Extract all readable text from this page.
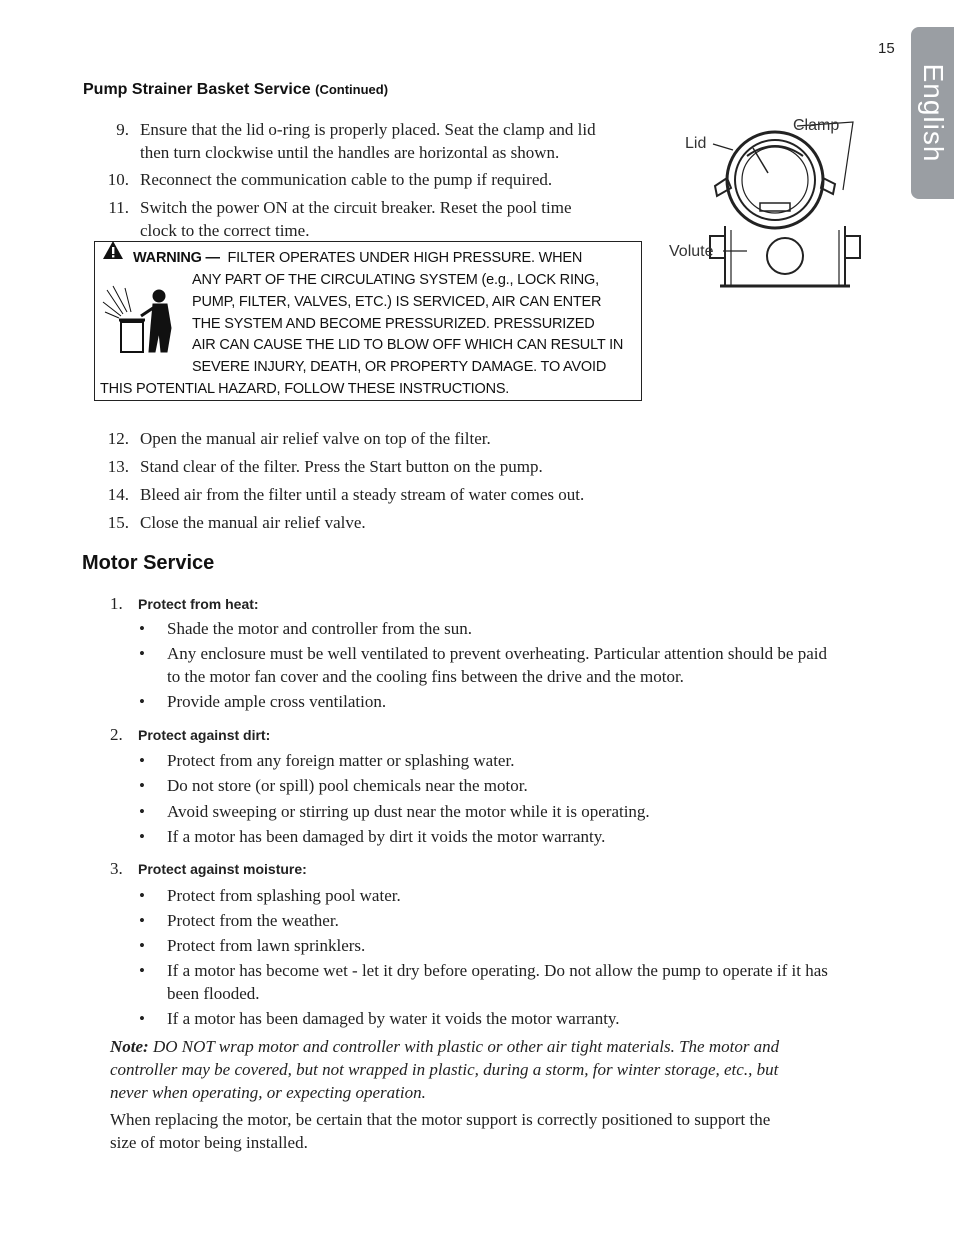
15
English
Pump Strainer Basket Service (Continued)
9. Ensure that the lid o-ring is properly placed. Seat the clamp and lid
then turn clockwise until the handles are horizontal as shown.
10. Reconnect the communication cable to the pump if required.
11. Switch the power ON at the circuit breaker. Reset the pool time
clock to the correct time.
Lid
Clamp
Volute
WARNING — FILTER OPERATES UNDER HIGH PRESSURE. WHEN
ANY PART OF THE CIRCULATING SYSTEM (e.g., LOCK RING,
PUMP, FILTER, VALVES, ETC.) IS SERVICED, AIR CAN ENTER
THE SYSTEM AND BECOME PRESSURIZED. PRESSURIZED
AIR CAN CAUSE THE LID TO BLOW OFF WHICH CAN RESULT IN
SEVERE INJURY, DEATH, OR PROPERTY DAMAGE. TO AVOID
THIS POTENTIAL HAZARD, FOLLOW THESE INSTRUCTIONS.
12. Open the manual air relief valve on top of the filter.
13. Stand clear of the filter. Press the Start button on the pump.
14. Bleed air from the filter until a steady stream of water comes out.
15. Close the manual air relief valve.
Motor Service
1. Protect from heat:
• Shade the motor and controller from the sun.
• Any enclosure must be well ventilated to prevent overheating. Particular attention should be paid
to the motor fan cover and the cooling fins between the drive and the motor.
• Provide ample cross ventilation.
2. Protect against dirt:
• Protect from any foreign matter or splashing water.
• Do not store (or spill) pool chemicals near the motor.
• Avoid sweeping or stirring up dust near the motor while it is operating.
• If a motor has been damaged by dirt it voids the motor warranty.
3. Protect against moisture:
• Protect from splashing pool water.
• Protect from the weather.
• Protect from lawn sprinklers.
• If a motor has become wet - let it dry before operating. Do not allow the pump to operate if it has
been flooded.
• If a motor has been damaged by water it voids the motor warranty.
Note: DO NOT wrap motor and controller with plastic or other air tight materials. The motor and
controller may be covered, but not wrapped in plastic, during a storm, for winter storage, etc., but
never when operating, or expecting operation.
When replacing the motor, be certain that the motor support is correctly positioned to support the
size of motor being installed.
